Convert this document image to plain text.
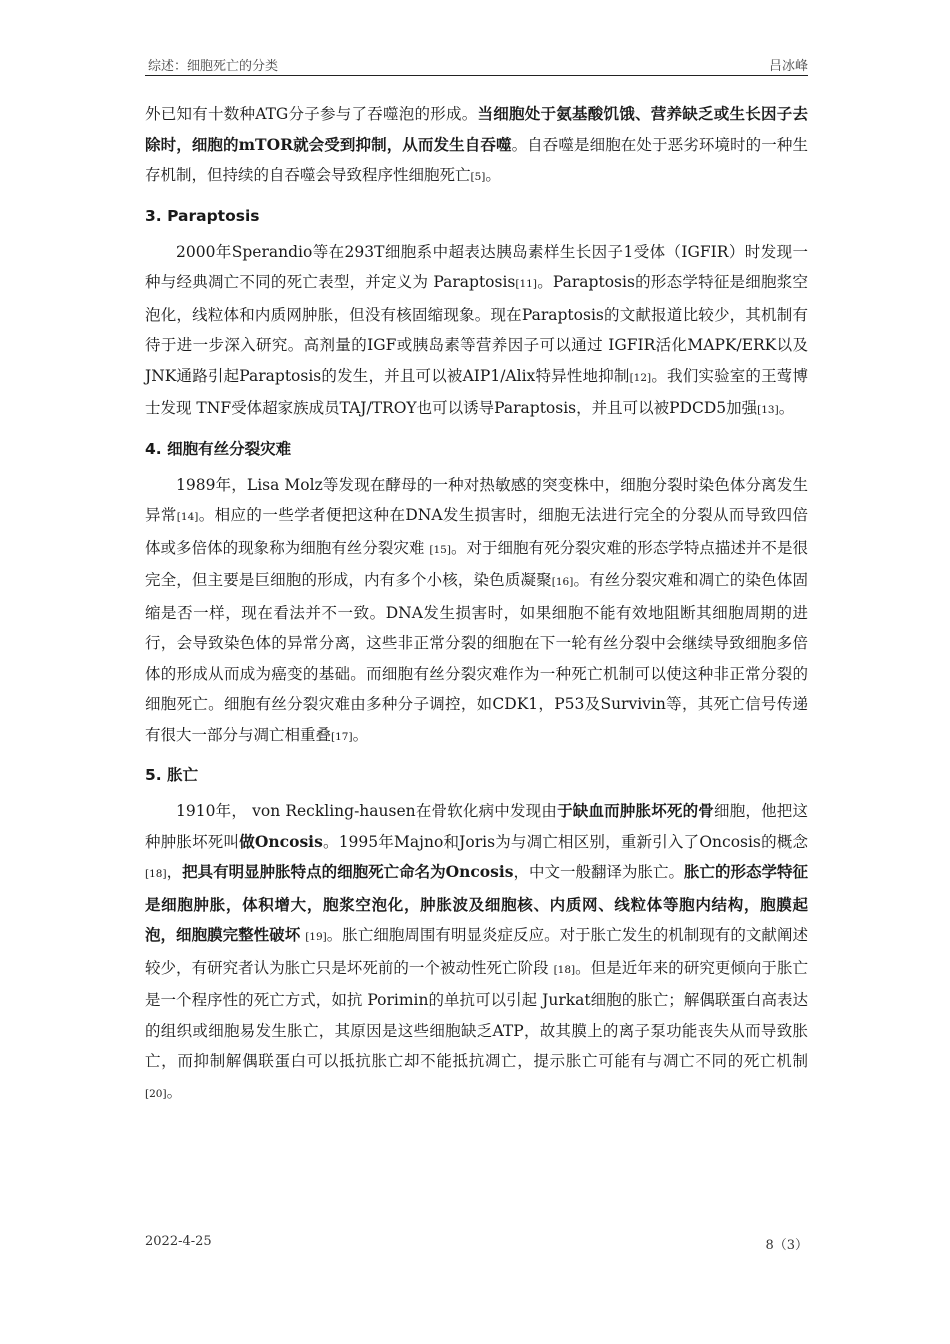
综述：细胞死亡的分类	吕冰峰

外已知有十数种ATG分子参与了吞噬泡的形成。当细胞处于氨基酸饥饿、营养缺乏或生长因子去除时，细胞的mTOR就会受到抑制，从而发生自吞噬。自吞噬是细胞在处于恶劣环境时的一种生存机制，但持续的自吞噬会导致程序性细胞死亡[5]。

3. Paraptosis

2000年Sperandio等在293T细胞系中超表达胰岛素样生长因子1受体（IGFIR）时发现一种与经典凋亡不同的死亡表型，并定义为 Paraptosis[11]。Paraptosis的形态学特征是细胞浆空泡化，线粒体和内质网肿胀，但没有核固缩现象。现在Paraptosis的文献报道比较少，其机制有待于进一步深入研究。高剂量的IGF或胰岛素等营养因子可以通过 IGFIR活化MAPK/ERK以及JNK通路引起Paraptosis的发生，并且可以被AIP1/Alix特异性地抑制[12]。我们实验室的王莺博士发现 TNF受体超家族成员TAJ/TROY也可以诱导Paraptosis，并且可以被PDCD5加强[13]。

4. 细胞有丝分裂灾难

1989年，Lisa Molz等发现在酵母的一种对热敏感的突变株中，细胞分裂时染色体分离发生异常[14]。相应的一些学者便把这种在DNA发生损害时，细胞无法进行完全的分裂从而导致四倍体或多倍体的现象称为细胞有丝分裂灾难 [15]。对于细胞有死分裂灾难的形态学特点描述并不是很完全，但主要是巨细胞的形成，内有多个小核，染色质凝聚[16]。有丝分裂灾难和凋亡的染色体固缩是否一样，现在看法并不一致。DNA发生损害时，如果细胞不能有效地阻断其细胞周期的进行，会导致染色体的异常分离，这些非正常分裂的细胞在下一轮有丝分裂中会继续导致细胞多倍体的形成从而成为癌变的基础。而细胞有丝分裂灾难作为一种死亡机制可以使这种非正常分裂的细胞死亡。细胞有丝分裂灾难由多种分子调控，如CDK1，P53及Survivin等，其死亡信号传递有很大一部分与凋亡相重叠[17]。

5. 胀亡

1910年， von Reckling-hausen在骨软化病中发现由于缺血而肿胀坏死的骨细胞，他把这种肿胀坏死叫做Oncosis。1995年Majno和Joris为与凋亡相区别，重新引入了Oncosis的概念[18]，把具有明显肿胀特点的细胞死亡命名为Oncosis，中文一般翻译为胀亡。胀亡的形态学特征是细胞肿胀，体积增大，胞浆空泡化，肿胀波及细胞核、内质网、线粒体等胞内结构，胞膜起泡，细胞膜完整性破坏 [19]。胀亡细胞周围有明显炎症反应。对于胀亡发生的机制现有的文献阐述较少，有研究者认为胀亡只是坏死前的一个被动性死亡阶段 [18]。但是近年来的研究更倾向于胀亡是一个程序性的死亡方式，如抗 Porimin的单抗可以引起 Jurkat细胞的胀亡；解偶联蛋白高表达的组织或细胞易发生胀亡，其原因是这些细胞缺乏ATP，故其膜上的离子泵功能丧失从而导致胀亡，而抑制解偶联蛋白可以抵抗胀亡却不能抵抗凋亡，提示胀亡可能有与凋亡不同的死亡机制[20]。

2022-4-25	8（3）
